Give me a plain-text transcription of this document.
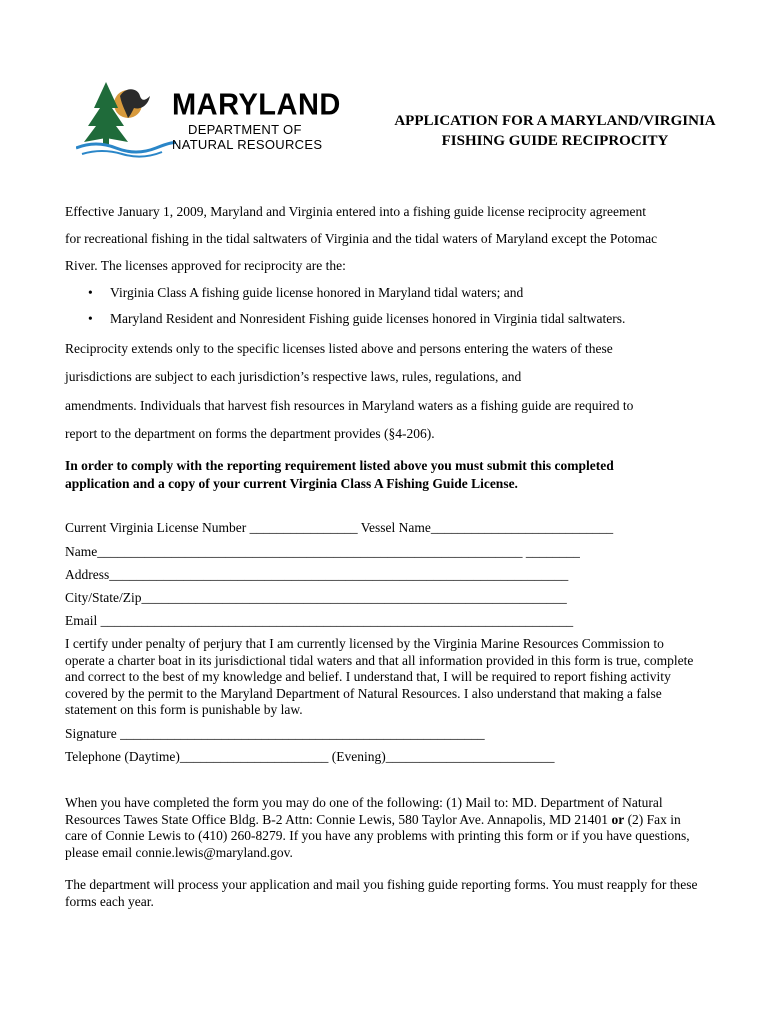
MARYLAND
DEPARTMENT OF
NATURAL RESOURCES
APPLICATION FOR A MARYLAND/VIRGINIA
FISHING GUIDE RECIPROCITY
Effective January 1, 2009, Maryland and Virginia entered into a fishing guide license reciprocity agreement
for recreational fishing in the tidal saltwaters of Virginia and the tidal waters of Maryland except the Potomac
River. The licenses approved for reciprocity are the:
• Virginia Class A fishing guide license honored in Maryland tidal waters; and
• Maryland Resident and Nonresident Fishing guide licenses honored in Virginia tidal saltwaters.
Reciprocity extends only to the specific licenses listed above and persons entering the waters of these
jurisdictions are subject to each jurisdiction’s respective laws, rules, regulations, and
amendments. Individuals that harvest fish resources in Maryland waters as a fishing guide are required to
report to the department on forms the department provides (§4-206).
In order to comply with the reporting requirement listed above you must submit this completed
application and a copy of your current Virginia Class A Fishing Guide License.
Current Virginia License Number ________________ Vessel Name___________________________
Name_______________________________________________________________ ________
Address____________________________________________________________________
City/State/Zip_______________________________________________________________
Email ______________________________________________________________________
I certify under penalty of perjury that I am currently licensed by the Virginia Marine Resources Commission to operate a charter boat in its jurisdictional tidal waters and that all information provided in this form is true, complete and correct to the best of my knowledge and belief. I understand that, I will be required to report fishing activity covered by the permit to the Maryland Department of Natural Resources. I also understand that making a false statement on this form is punishable by law.
Signature ______________________________________________________
Telephone (Daytime)______________________ (Evening)_________________________
When you have completed the form you may do one of the following: (1) Mail to: MD. Department of Natural Resources Tawes State Office Bldg. B-2 Attn: Connie Lewis, 580 Taylor Ave. Annapolis, MD 21401 or (2) Fax in care of Connie Lewis to (410) 260-8279. If you have any problems with printing this form or if you have questions, please email connie.lewis@maryland.gov.
The department will process your application and mail you fishing guide reporting forms. You must reapply for these forms each year.
